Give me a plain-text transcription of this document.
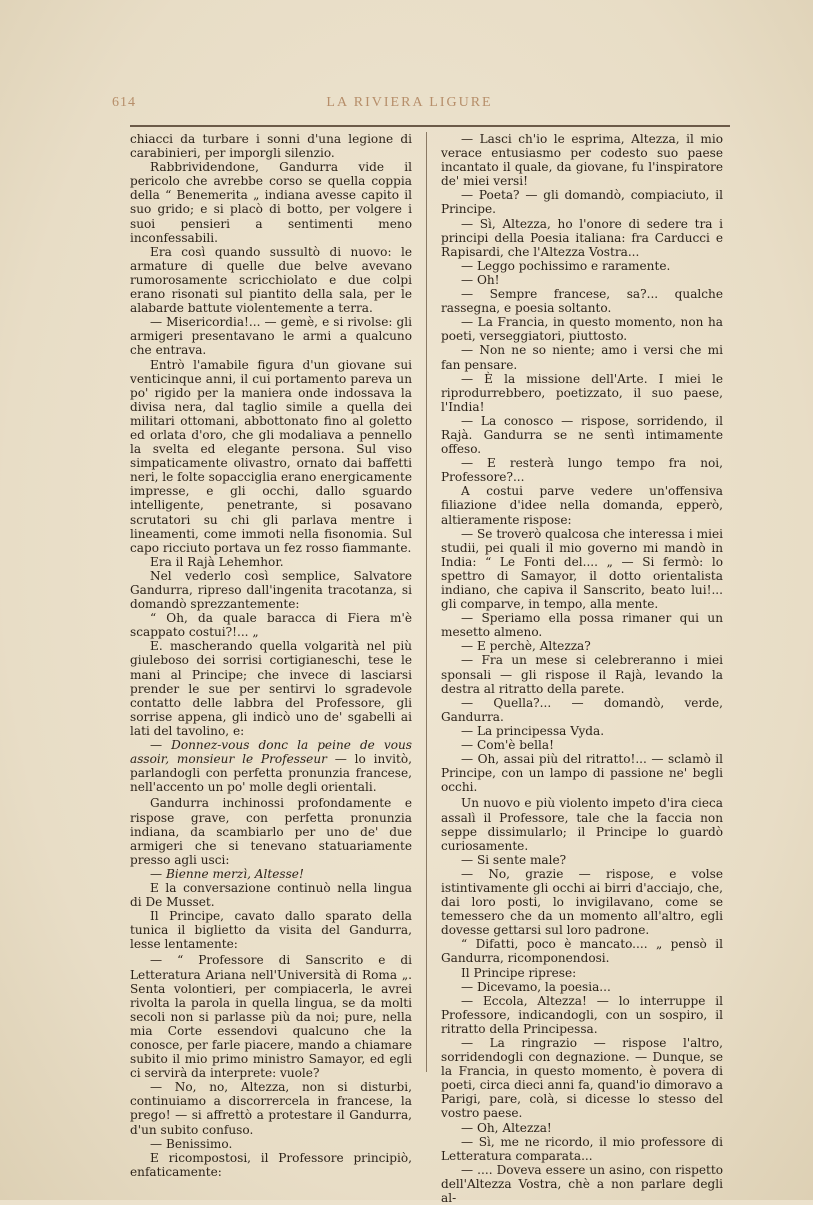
614	LA RIVIERA LIGURE

chiacci da turbare i sonni d'una legione di carabinieri, per imporgli silenzio.

Rabbrividendone, Gandurra vide il pericolo che avrebbe corso se quella coppia della “ Benemerita „ indiana avesse capito il suo grido; e si placò di botto, per volgere i suoi pensieri a sentimenti meno inconfessabili.

Era così quando sussultò di nuovo: le armature di quelle due belve avevano rumorosamente scricchiolato e due colpi erano risonati sul piantito della sala, per le alabarde battute violentemente a terra.

— Misericordia!... — gemè, e si rivolse: gli armigeri presentavano le armi a qualcuno che entrava.

Entrò l'amabile figura d'un giovane sui venticinque anni, il cui portamento pareva un po' rigido per la maniera onde indossava la divisa nera, dal taglio simile a quella dei militari ottomani, abbottonato fino al goletto ed orlata d'oro, che gli modaliava a pennello la svelta ed elegante persona. Sul viso simpaticamente olivastro, ornato dai baffetti neri, le folte sopacciglia erano energicamente impresse, e gli occhi, dallo sguardo intelligente, penetrante, si posavano scrutatori su chi gli parlava mentre i lineamenti, come immoti nella fisonomia. Sul capo ricciuto portava un fez rosso fiammante.

Era il Rajà Lehemhor.

Nel vederlo così semplice, Salvatore Gandurra, ripreso dall'ingenita tracotanza, si domandò sprezzantemente:

“ Oh, da quale baracca di Fiera m'è scappato costui?!... „

E. mascherando quella volgarità nel più giuleboso dei sorrisi cortigianeschi, tese le mani al Principe; che invece di lasciarsi prender le sue per sentirvi lo sgradevole contatto delle labbra del Professore, gli sorrise appena, gli indicò uno de' sgabelli ai lati del tavolino, e:

— Donnez-vous donc la peine de vous assoir, monsieur le Professeur — lo invitò, parlandogli con perfetta pronunzia francese, nell'accento un po' molle degli orientali.

Gandurra inchinossi profondamente e rispose grave, con perfetta pronunzia indiana, da scambiarlo per uno de' due armigeri che si tenevano statuariamente presso agli usci:

— Bienne merzì, Altesse!

E la conversazione continuò nella lingua di De Musset.

Il Principe, cavato dallo sparato della tunica il biglietto da visita del Gandurra, lesse lentamente:

— “ Professore di Sanscrito e di Letteratura Ariana nell'Università di Roma „. Senta volontieri, per compiacerla, le avrei rivolta la parola in quella lingua, se da molti secoli non si parlasse più da noi; pure, nella mia Corte essendovi qualcuno che la conosce, per farle piacere, mando a chiamare subito il mio primo ministro Samayor, ed egli ci servirà da interprete: vuole?

— No, no, Altezza, non si disturbi, continuiamo a discorrercela in francese, la prego! — si affrettò a protestare il Gandurra, d'un subito confuso.

— Benissimo.

E ricompostosi, il Professore principiò, enfaticamente:

— Lasci ch'io le esprima, Altezza, il mio verace entusiasmo per codesto suo paese incantato il quale, da giovane, fu l'inspiratore de' miei versi!

— Poeta? — gli domandò, compiaciuto, il Principe.

— Sì, Altezza, ho l'onore di sedere tra i principi della Poesia italiana: fra Carducci e Rapisardi, che l'Altezza Vostra...

— Leggo pochissimo e raramente.

— Oh!

— Sempre francese, sa?... qualche rassegna, e poesia soltanto.

— La Francia, in questo momento, non ha poeti, verseggiatori, piuttosto.

— Non ne so niente; amo i versi che mi fan pensare.

— È la missione dell'Arte. I miei le riprodurrebbero, poetizzato, il suo paese, l'India!

— La conosco — rispose, sorridendo, il Rajà. Gandurra se ne sentì intimamente offeso.

— E resterà lungo tempo fra noi, Professore?...

A costui parve vedere un'offensiva filiazione d'idee nella domanda, epperò, altieramente rispose:

— Se troverò qualcosa che interessa i miei studii, pei quali il mio governo mi mandò in India: “ Le Fonti del.... „ — Si fermò: lo spettro di Samayor, il dotto orientalista indiano, che capiva il Sanscrito, beato lui!... gli comparve, in tempo, alla mente.

— Speriamo ella possa rimaner qui un mesetto almeno.

— E perchè, Altezza?

— Fra un mese si celebreranno i miei sponsali — gli rispose il Rajà, levando la destra al ritratto della parete.

— Quella?... — domandò, verde, Gandurra.

— La principessa Vyda.

— Com'è bella!

— Oh, assai più del ritratto!... — sclamò il Principe, con un lampo di passione ne' begli occhi.

Un nuovo e più violento impeto d'ira cieca assalì il Professore, tale che la faccia non seppe dissimularlo; il Principe lo guardò curiosamente.

— Si sente male?

— No, grazie — rispose, e volse istintivamente gli occhi ai birri d'acciajo, che, dai loro posti, lo invigilavano, come se temessero che da un momento all'altro, egli dovesse gettarsi sul loro padrone.

“ Difatti, poco è mancato.... „ pensò il Gandurra, ricomponendosi.

Il Principe riprese:

— Dicevamo, la poesia...

— Eccola, Altezza! — lo interruppe il Professore, indicandogli, con un sospiro, il ritratto della Principessa.

— La ringrazio — rispose l'altro, sorridendogli con degnazione. — Dunque, se la Francia, in questo momento, è povera di poeti, circa dieci anni fa, quand'io dimoravo a Parigi, pare, colà, si dicesse lo stesso del vostro paese.

— Oh, Altezza!

— Sì, me ne ricordo, il mio professore di Letteratura comparata...

— .... Doveva essere un asino, con rispetto dell'Altezza Vostra, chè a non parlare degli al-
